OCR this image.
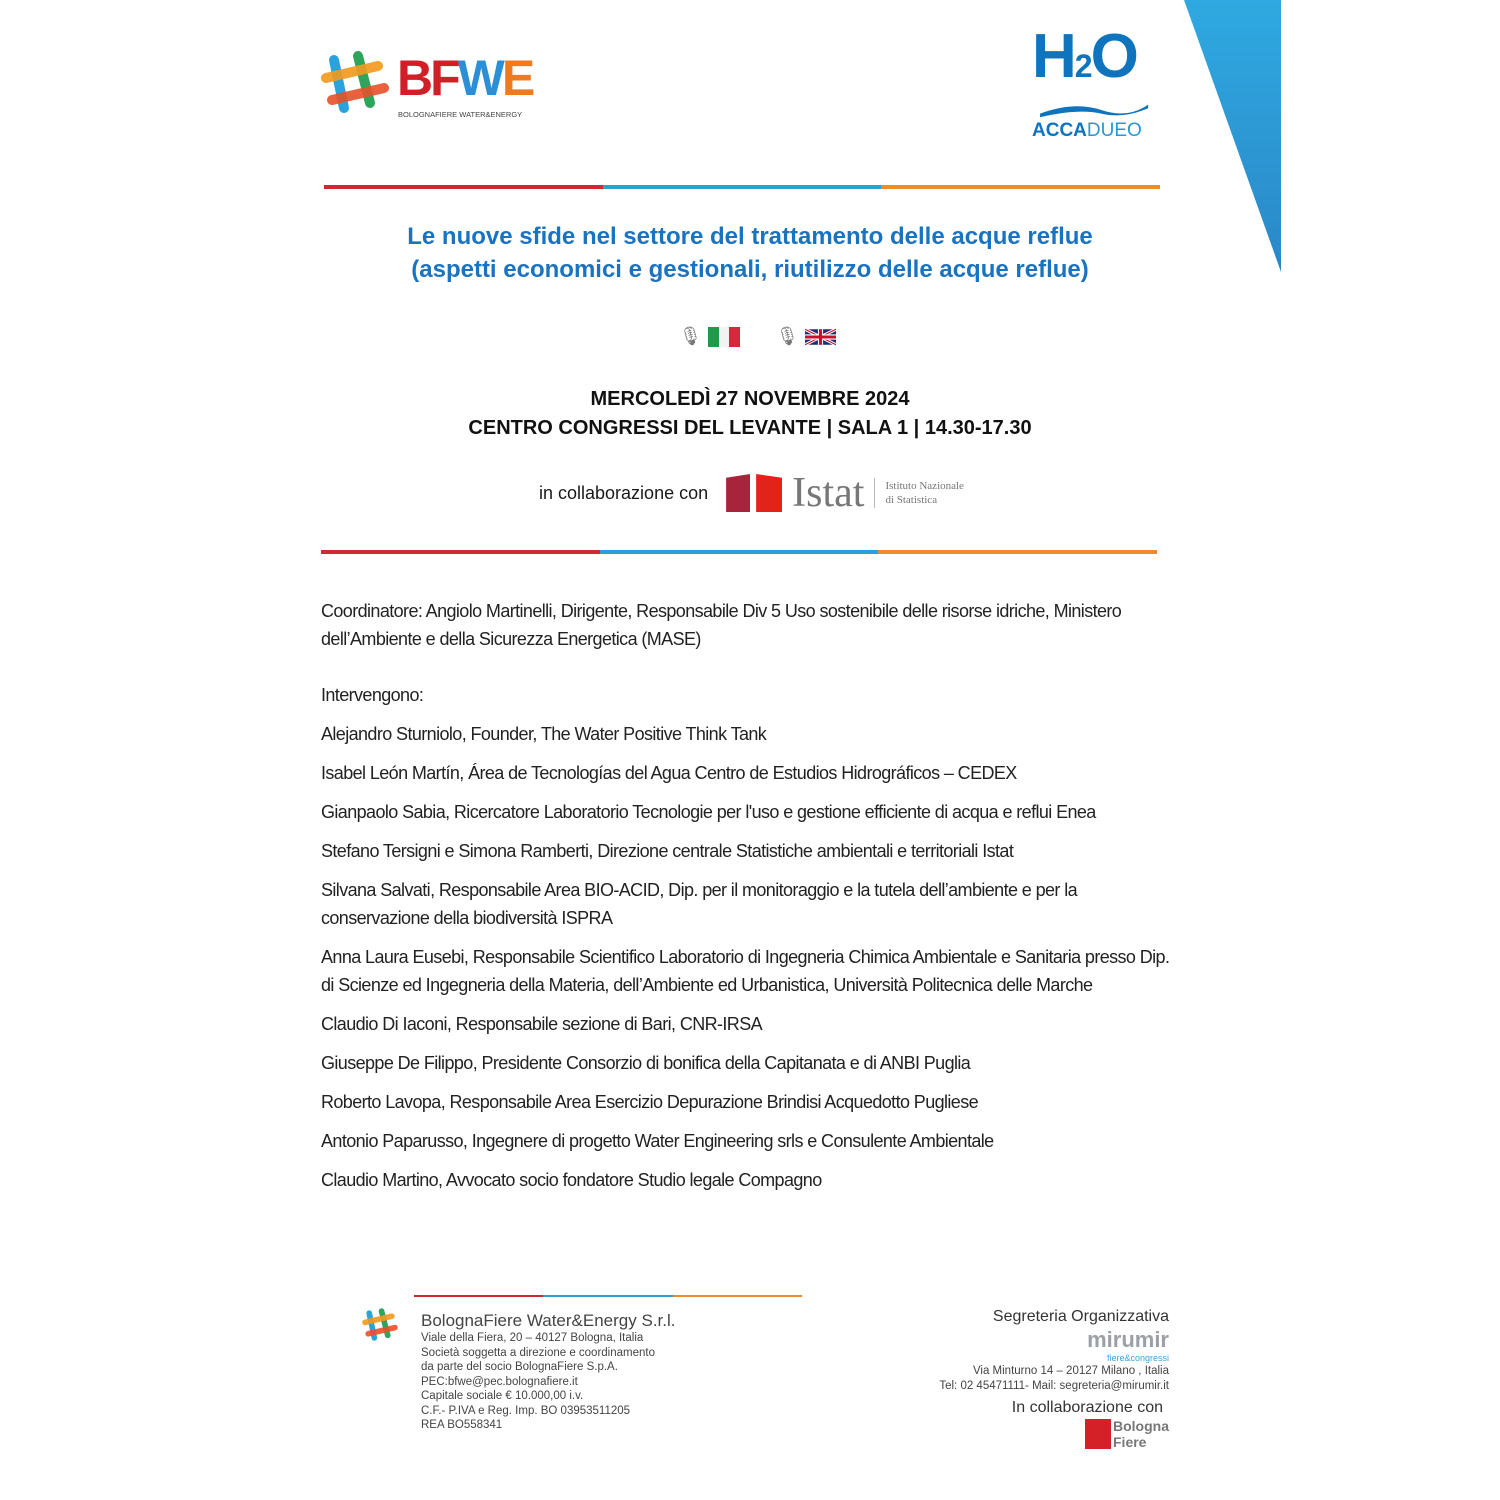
BFWE
BOLOGNAFIERE WATER&ENERGY
H2O
ACCADUEO
Le nuove sfide nel settore del trattamento delle acque reflue
(aspetti economici e gestionali, riutilizzo delle acque reflue)
🎙	🎙
MERCOLEDÌ 27 NOVEMBRE 2024
CENTRO CONGRESSI DEL LEVANTE | SALA 1 | 14.30-17.30
in collaborazione con Istat Istituto Nazionale
di Statistica

Coordinatore: Angiolo Martinelli, Dirigente, Responsabile Div 5 Uso sostenibile delle risorse idriche, Ministero dell’Ambiente e della Sicurezza Energetica (MASE)

Intervengono:

Alejandro Sturniolo, Founder, The Water Positive Think Tank

Isabel León Martín, Área de Tecnologías del Agua Centro de Estudios Hidrográficos – CEDEX

Gianpaolo Sabia, Ricercatore Laboratorio Tecnologie per l'uso e gestione efficiente di acqua e reflui Enea

Stefano Tersigni e Simona Ramberti, Direzione centrale Statistiche ambientali e territoriali Istat

Silvana Salvati, Responsabile Area BIO-ACID, Dip. per il monitoraggio e la tutela dell’ambiente e per la conservazione della biodiversità ISPRA

Anna Laura Eusebi, Responsabile Scientifico Laboratorio di Ingegneria Chimica Ambientale e Sanitaria presso Dip. di Scienze ed Ingegneria della Materia, dell’Ambiente ed Urbanistica, Università Politecnica delle Marche

Claudio Di Iaconi, Responsabile sezione di Bari, CNR-IRSA

Giuseppe De Filippo, Presidente Consorzio di bonifica della Capitanata e di ANBI Puglia

Roberto Lavopa, Responsabile Area Esercizio Depurazione Brindisi Acquedotto Pugliese

Antonio Paparusso, Ingegnere di progetto Water Engineering srls e Consulente Ambientale

Claudio Martino, Avvocato socio fondatore Studio legale Compagno

BolognaFiere Water&Energy S.r.l.
Viale della Fiera, 20 – 40127 Bologna, Italia
Società soggetta a direzione e coordinamento
da parte del socio BolognaFiere S.p.A.
PEC:bfwe@pec.bolognafiere.it
Capitale sociale € 10.000,00 i.v.
C.F.- P.IVA e Reg. Imp. BO 03953511205
REA BO558341
Segreteria Organizzativa
mirumir
fiere&congressi
Via Minturno 14 – 20127 Milano , Italia
Tel: 02 45471111- Mail: segreteria@mirumir.it
In collaborazione con
Bologna
Fiere
